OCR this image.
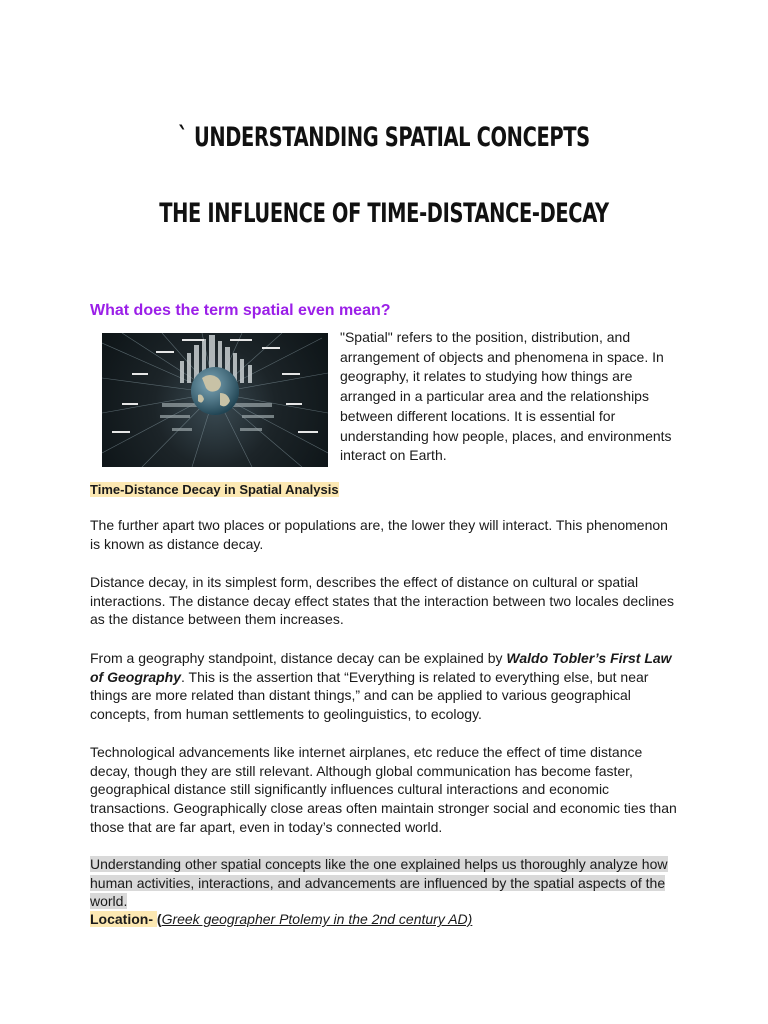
` UNDERSTANDING SPATIAL CONCEPTS
THE INFLUENCE OF TIME-DISTANCE-DECAY
What does the term spatial even mean?
"Spatial" refers to the position, distribution, and arrangement of objects and phenomena in space. In geography, it relates to studying how things are arranged in a particular area and the relationships between different locations. It is essential for understanding how people, places, and environments interact on Earth.
Time-Distance Decay in Spatial Analysis

The further apart two places or populations are, the lower they will interact. This phenomenon is known as distance decay.

Distance decay, in its simplest form, describes the effect of distance on cultural or spatial interactions. The distance decay effect states that the interaction between two locales declines as the distance between them increases.

From a geography standpoint, distance decay can be explained by Waldo Tobler’s First Law of Geography. This is the assertion that “Everything is related to everything else, but near things are more related than distant things,” and can be applied to various geographical concepts, from human settlements to geolinguistics, to ecology.

Technological advancements like internet airplanes, etc reduce the effect of time distance decay, though they are still relevant. Although global communication has become faster, geographical distance still significantly influences cultural interactions and economic transactions. Geographically close areas often maintain stronger social and economic ties than those that are far apart, even in today’s connected world.

Understanding other spatial concepts like the one explained helps us thoroughly analyze how human activities, interactions, and advancements are influenced by the spatial aspects of the world.

Location- (Greek geographer Ptolemy in the 2nd century AD)
